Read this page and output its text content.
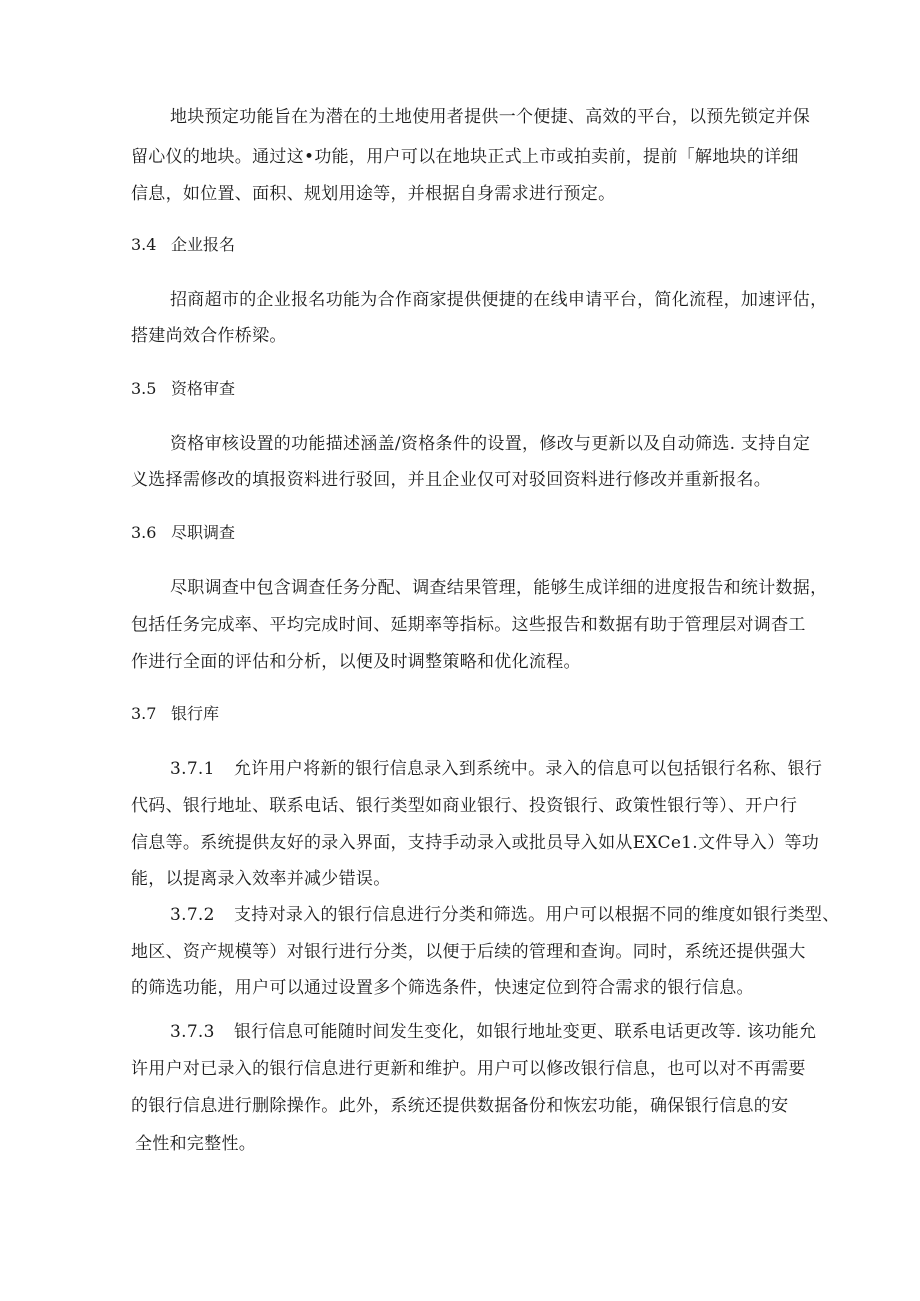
地块预定功能旨在为潜在的土地使用者提供一个便捷、高效的平台，以预先锁定并保
留心仪的地块。通过这•功能，用户可以在地块正式上市或拍卖前，提前「解地块的详细
信息，如位置、面积、规划用途等，并根据自身需求进行预定。
3.4 企业报名
招商超市的企业报名功能为合作商家提供便捷的在线申请平台，简化流程，加速评估，
搭建尚效合作桥梁。
3.5 资格审查
资格审核设置的功能描述涵盖/资格条件的设置，修改与更新以及自动筛选. 支持自定
义选择需修改的填报资料进行驳回，并且企业仅可对驳回资料进行修改并重新报名。
3.6 尽职调查
尽职调查中包含调查任务分配、调查结果管理，能够生成详细的进度报告和统计数据，
包括任务完成率、平均完成时间、延期率等指标。这些报告和数据有助于管理层对调杳工
作进行全面的评估和分析，以便及时调整策略和优化流程。
3.7 银行库
3.7.1 允许用户将新的银行信息录入到系统中。录入的信息可以包括银行名称、银行
代码、银行地址、联系电话、银行类型如商业银行、投资银行、政策性银行等）、开户行
信息等。系统提供友好的录入界面，支持手动录入或批员导入如从EXCe1.文件导入）等功
能，以提离录入效率并减少错误。
3.7.2 支持对录入的银行信息进行分类和筛选。用户可以根据不同的维度如银行类型、
地区、资产规模等）对银行进行分类，以便于后续的管理和查询。同时，系统还提供强大
的筛选功能，用户可以通过设置多个筛选条件，快速定位到符合需求的银行信息。
3.7.3 银行信息可能随时间发生变化，如银行地址变更、联系电话更改等. 该功能允
许用户对已录入的银行信息进行更新和维护。用户可以修改银行信息，也可以对不再需要
的银行信息进行删除操作。此外，系统还提供数据备份和恢宏功能，确保银行信息的安
全性和完整性。
